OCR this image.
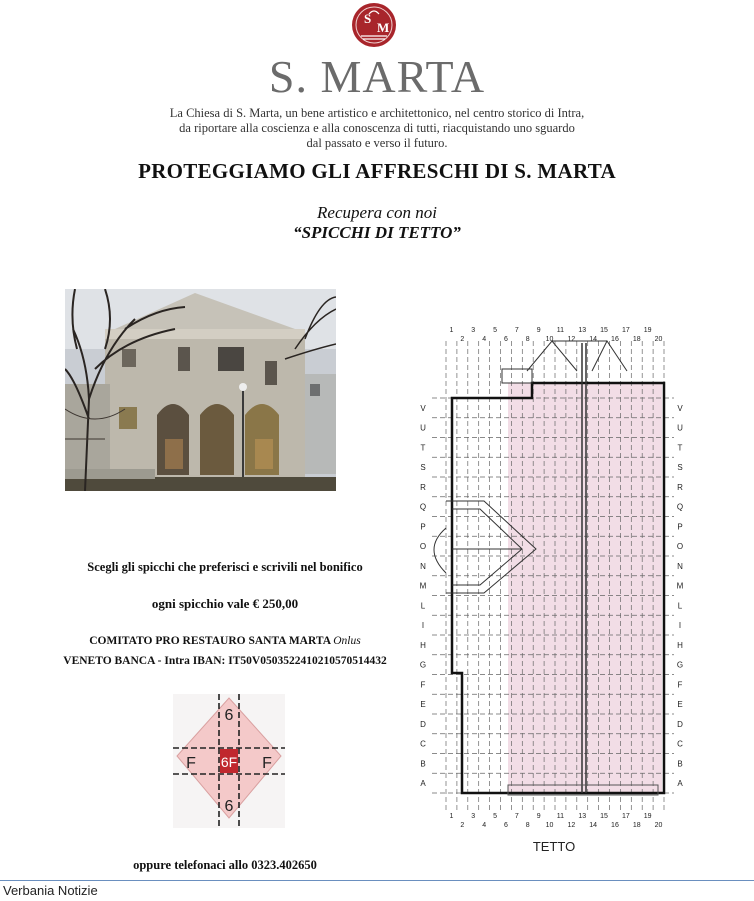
S
M
S. MARTA
La Chiesa di S. Marta, un bene artistico e architettonico, nel centro storico di Intra,
da riportare alla coscienza e alla conoscenza di tutti, riacquistando uno sguardo
dal passato e verso il futuro.
PROTEGGIAMO GLI AFFRESCHI DI S. MARTA
Recupera con noi
“SPICCHI DI TETTO”
Scegli gli spicchi che preferisci e scrivili nel bonifico
ogni spicchio vale € 250,00
COMITATO PRO RESTAURO SANTA MARTA Onlus
VENETO BANCA - Intra IBAN: IT50V0503522410210570514432
6
F 6F F
6
oppure telefonaci allo 0323.402650
1
2
3
4
5
6
7
8
9
10
11
12
13
14
15
16
17
18
19
20
1
2
3
4
5
6
7
8
9
10
11
12
13
14
15
16
17
18
19
20
V
U
T
S
R
Q
P
O
N
M
L
I
H
G
F
E
D
C
B
A
V
U
T
S
R
Q
P
O
N
M
L
I
H
G
F
E
D
C
B
A
TETTO
Verbania Notizie
